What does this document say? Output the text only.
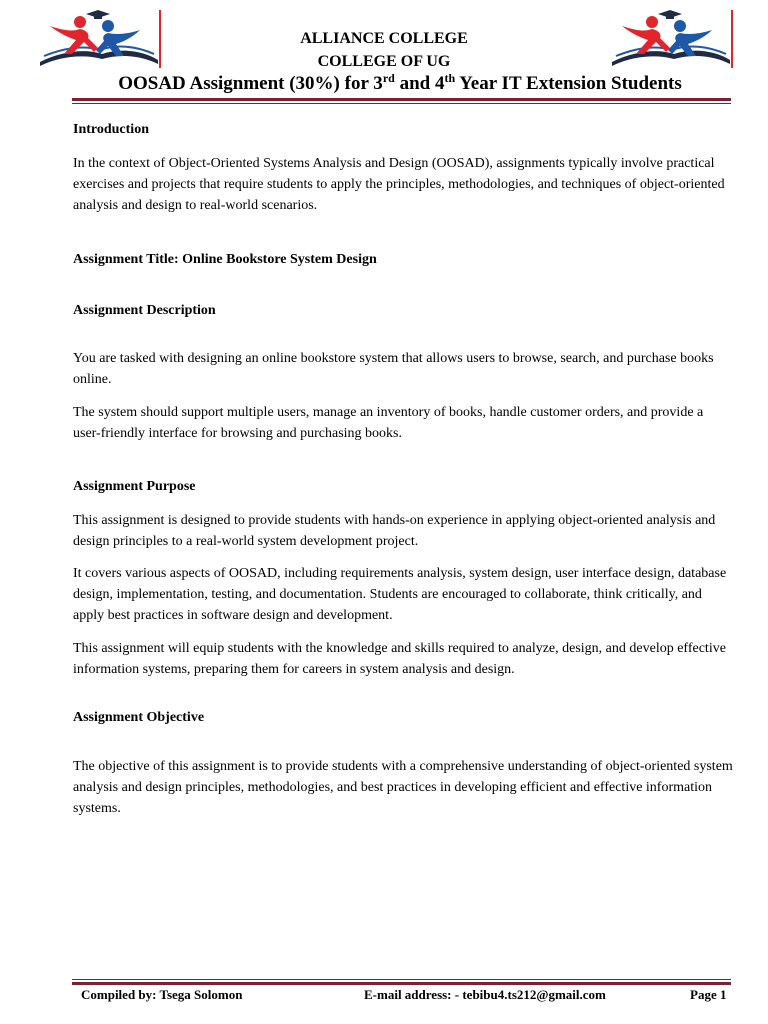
ALLIANCE COLLEGE
COLLEGE OF UG
OOSAD Assignment (30%) for 3rd and 4th Year IT Extension Students
Introduction
In the context of Object-Oriented Systems Analysis and Design (OOSAD), assignments typically involve practical exercises and projects that require students to apply the principles, methodologies, and techniques of object-oriented analysis and design to real-world scenarios.
Assignment Title: Online Bookstore System Design
Assignment Description
You are tasked with designing an online bookstore system that allows users to browse, search, and purchase books online.
The system should support multiple users, manage an inventory of books, handle customer orders, and provide a user-friendly interface for browsing and purchasing books.
Assignment Purpose
This assignment is designed to provide students with hands-on experience in applying object-oriented analysis and design principles to a real-world system development project.
It covers various aspects of OOSAD, including requirements analysis, system design, user interface design, database design, implementation, testing, and documentation. Students are encouraged to collaborate, think critically, and apply best practices in software design and development.
This assignment will equip students with the knowledge and skills required to analyze, design, and develop effective information systems, preparing them for careers in system analysis and design.
Assignment Objective
The objective of this assignment is to provide students with a comprehensive understanding of object-oriented system analysis and design principles, methodologies, and best practices in developing efficient and effective information systems.
Compiled by: Tsega Solomon	E-mail address: - tebibu4.ts212@gmail.com	Page 1
